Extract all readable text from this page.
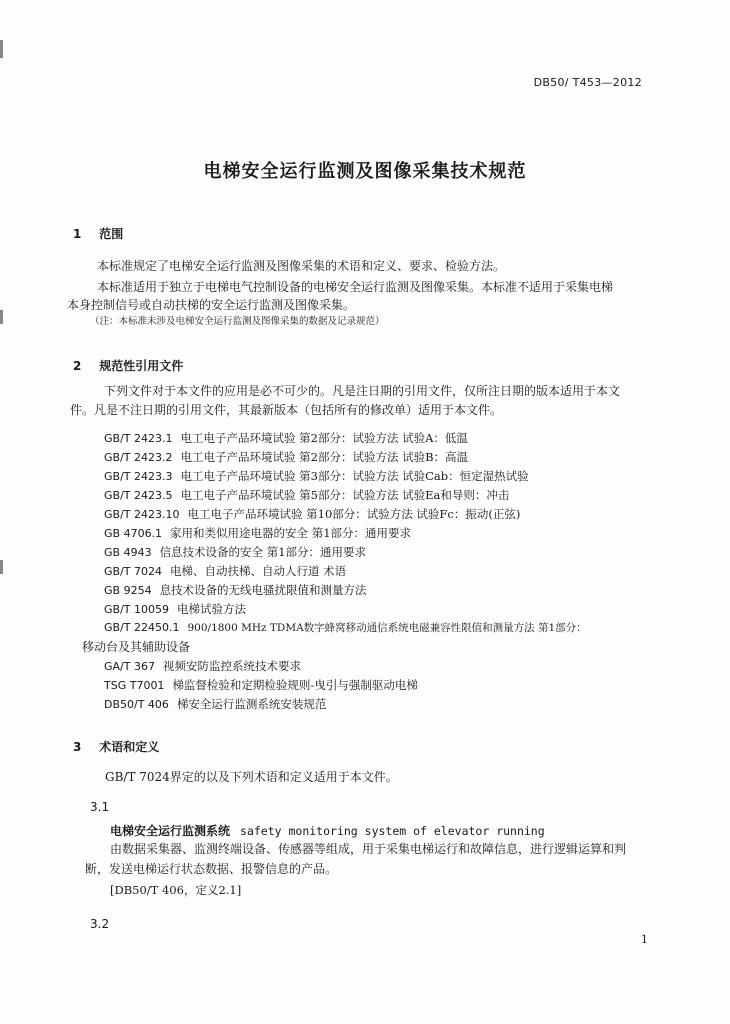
DB50/ T453—2012
电梯安全运行监测及图像采集技术规范
1 范围
本标准规定了电梯安全运行监测及图像采集的术语和定义、要求、检验方法。
本标准适用于独立于电梯电气控制设备的电梯安全运行监测及图像采集。本标准不适用于采集电梯
本身控制信号或自动扶梯的安全运行监测及图像采集。
（注：本标准未涉及电梯安全运行监测及图像采集的数据及记录规范）
2 规范性引用文件
下列文件对于本文件的应用是必不可少的。凡是注日期的引用文件，仅所注日期的版本适用于本文
件。凡是不注日期的引用文件，其最新版本（包括所有的修改单）适用于本文件。
GB/T 2423.1 电工电子产品环境试验 第2部分：试验方法 试验A：低温
GB/T 2423.2 电工电子产品环境试验 第2部分：试验方法 试验B：高温
GB/T 2423.3 电工电子产品环境试验 第3部分：试验方法 试验Cab：恒定湿热试验
GB/T 2423.5 电工电子产品环境试验 第5部分：试验方法 试验Ea和导则：冲击
GB/T 2423.10 电工电子产品环境试验 第10部分：试验方法 试验Fc：振动(正弦)
GB 4706.1 家用和类似用途电器的安全 第1部分：通用要求
GB 4943 信息技术设备的安全 第1部分：通用要求
GB/T 7024 电梯、自动扶梯、自动人行道 术语
GB 9254 息技术设备的无线电骚扰限值和测量方法
GB/T 10059 电梯试验方法
GB/T 22450.1 900/1800 MHz TDMA数字蜂窝移动通信系统电磁兼容性限值和测量方法 第1部分：
移动台及其辅助设备
GA/T 367 视频安防监控系统技术要求
TSG T7001 梯监督检验和定期检验规则-曳引与强制驱动电梯
DB50/T 406 梯安全运行监测系统安装规范
3 术语和定义
GB/T 7024界定的以及下列术语和定义适用于本文件。
3.1
电梯安全运行监测系统 safety monitoring system of elevator running
由数据采集器、监测终端设备、传感器等组成，用于采集电梯运行和故障信息，进行逻辑运算和判
断，发送电梯运行状态数据、报警信息的产品。
[DB50/T 406，定义2.1]
3.2
1
